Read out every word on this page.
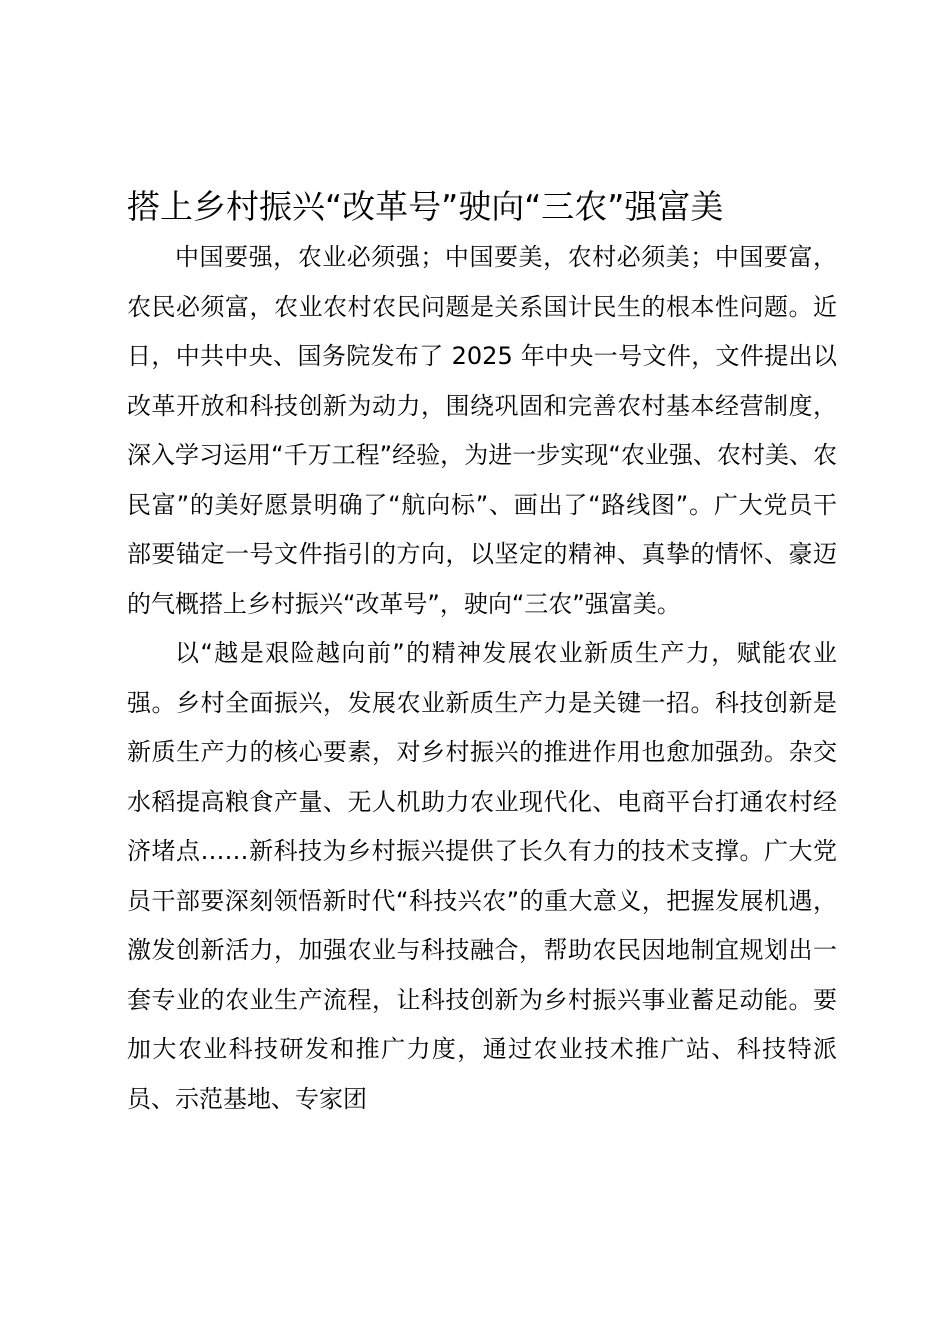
搭上乡村振兴“改革号”驶向“三农”强富美

中国要强，农业必须强；中国要美，农村必须美；中国要富，农民必须富，农业农村农民问题是关系国计民生的根本性问题。近日，中共中央、国务院发布了 2025 年中央一号文件，文件提出以改革开放和科技创新为动力，围绕巩固和完善农村基本经营制度，深入学习运用“千万工程”经验，为进一步实现“农业强、农村美、农民富”的美好愿景明确了“航向标”、画出了“路线图”。广大党员干部要锚定一号文件指引的方向，以坚定的精神、真挚的情怀、豪迈的气概搭上乡村振兴“改革号”，驶向“三农”强富美。

以“越是艰险越向前”的精神发展农业新质生产力，赋能农业强。乡村全面振兴，发展农业新质生产力是关键一招。科技创新是新质生产力的核心要素，对乡村振兴的推进作用也愈加强劲。杂交水稻提高粮食产量、无人机助力农业现代化、电商平台打通农村经济堵点……新科技为乡村振兴提供了长久有力的技术支撑。广大党员干部要深刻领悟新时代“科技兴农”的重大意义，把握发展机遇，激发创新活力，加强农业与科技融合，帮助农民因地制宜规划出一套专业的农业生产流程，让科技创新为乡村振兴事业蓄足动能。要加大农业科技研发和推广力度，通过农业技术推广站、科技特派员、示范基地、专家团
